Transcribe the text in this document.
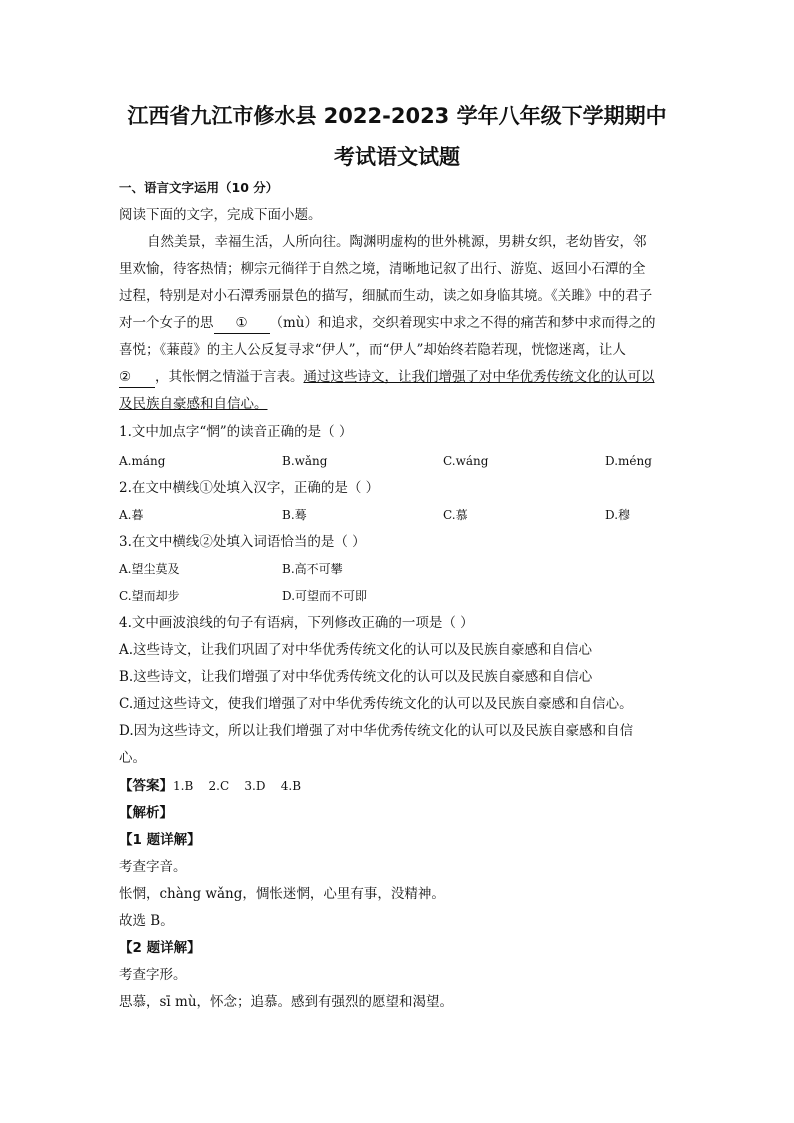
江西省九江市修水县 2022-2023 学年八年级下学期期中
考试语文试题
一、语言文字运用（10 分）
阅读下面的文字，完成下面小题。
自然美景，幸福生活，人所向往。陶渊明虚构的世外桃源，男耕女织，老幼皆安，邻
里欢愉，待客热情；柳宗元徜徉于自然之境，清晰地记叙了出行、游览、返回小石潭的全
过程，特别是对小石潭秀丽景色的描写，细腻而生动，读之如身临其境。《关雎》中的君子
对一个女子的思 ① （mù）和追求，交织着现实中求之不得的痛苦和梦中求而得之的
喜悦；《蒹葭》的主人公反复寻求“伊人”，而“伊人”却始终若隐若现，恍惚迷离，让人
② ，其怅惘之情溢于言表。通过这些诗文，让我们增强了对中华优秀传统文化的认可以
及民族自豪感和自信心。
1.文中加点字“惘”的读音正确的是（ ）
A.máng	B.wǎng	C.wáng	D.méng
2.在文中横线①处填入汉字，正确的是（ ）
A.暮	B.蓦	C.慕	D.穆
3.在文中横线②处填入词语恰当的是（ ）
A.望尘莫及	B.高不可攀
C.望而却步	D.可望而不可即
4.文中画波浪线的句子有语病，下列修改正确的一项是（ ）
A.这些诗文，让我们巩固了对中华优秀传统文化的认可以及民族自豪感和自信心
B.这些诗文，让我们增强了对中华优秀传统文化的认可以及民族自豪感和自信心
C.通过这些诗文，使我们增强了对中华优秀传统文化的认可以及民族自豪感和自信心。
D.因为这些诗文，所以让我们增强了对中华优秀传统文化的认可以及民族自豪感和自信
心。
【答案】1.B    2.C    3.D    4.B
【解析】
【1 题详解】
考查字音。
怅惘，chàng wǎng，惆怅迷惘，心里有事，没精神。
故选 B。
【2 题详解】
考查字形。
思慕，sī mù，怀念；追慕。感到有强烈的愿望和渴望。
